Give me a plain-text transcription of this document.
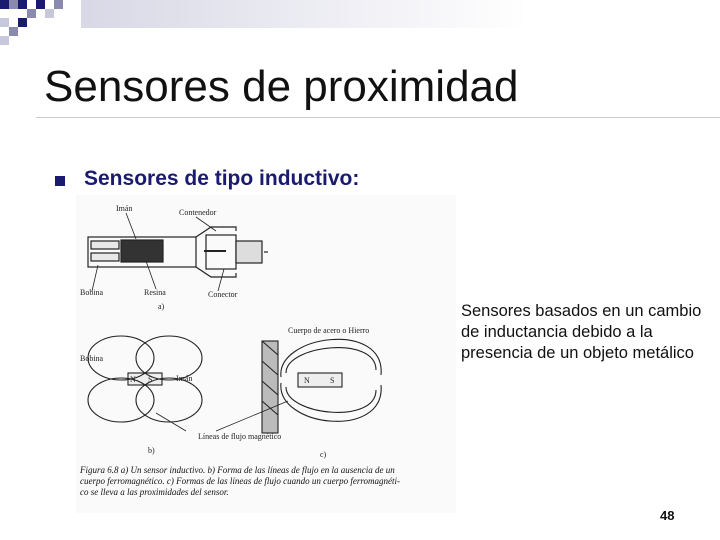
Sensores de proximidad
Sensores de tipo inductivo:
Imán	Contenedor
Bobina	Resina	Conector
a)
N S
Bobina
Imán
b)
N	S
Cuerpo de acero o Hierro
Líneas de flujo magnético
c)
Figura 6.8 a) Un sensor inductivo. b) Forma de las líneas de flujo en la ausencia de un
cuerpo ferromagnético. c) Formas de las líneas de flujo cuando un cuerpo ferromagnéti-
co se lleva a las proximidades del sensor.
Sensores basados en un cambio de inductancia debido a la presencia de un objeto metálico
48
